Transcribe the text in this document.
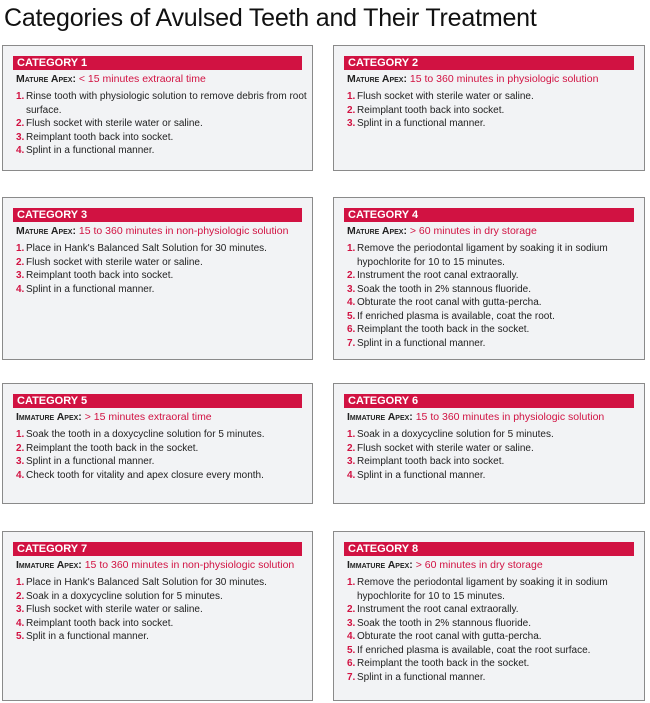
Categories of Avulsed Teeth and Their Treatment
CATEGORY 1
Mature Apex: < 15 minutes extraoral time
1. Rinse tooth with physiologic solution to remove debris from root surface.
2. Flush socket with sterile water or saline.
3. Reimplant tooth back into socket.
4. Splint in a functional manner.
CATEGORY 2
Mature Apex: 15 to 360 minutes in physiologic solution
1. Flush socket with sterile water or saline.
2. Reimplant tooth back into socket.
3. Splint in a functional manner.
CATEGORY 3
Mature Apex: 15 to 360 minutes in non-physiologic solution
1. Place in Hank's Balanced Salt Solution for 30 minutes.
2. Flush socket with sterile water or saline.
3. Reimplant tooth back into socket.
4. Splint in a functional manner.
CATEGORY 4
Mature Apex: > 60 minutes in dry storage
1. Remove the periodontal ligament by soaking it in sodium hypochlorite for 10 to 15 minutes.
2. Instrument the root canal extraorally.
3. Soak the tooth in 2% stannous fluoride.
4. Obturate the root canal with gutta-percha.
5. If enriched plasma is available, coat the root.
6. Reimplant the tooth back in the socket.
7. Splint in a functional manner.
CATEGORY 5
Immature Apex: > 15 minutes extraoral time
1. Soak the tooth in a doxycycline solution for 5 minutes.
2. Reimplant the tooth back in the socket.
3. Splint in a functional manner.
4. Check tooth for vitality and apex closure every month.
CATEGORY 6
Immature Apex: 15 to 360 minutes in physiologic solution
1. Soak in a doxycycline solution for 5 minutes.
2. Flush socket with sterile water or saline.
3. Reimplant tooth back into socket.
4. Splint in a functional manner.
CATEGORY 7
Immature Apex: 15 to 360 minutes in non-physiologic solution
1. Place in Hank's Balanced Salt Solution for 30 minutes.
2. Soak in a doxycycline solution for 5 minutes.
3. Flush socket with sterile water or saline.
4. Reimplant tooth back into socket.
5. Split in a functional manner.
CATEGORY 8
Immature Apex: > 60 minutes in dry storage
1. Remove the periodontal ligament by soaking it in sodium hypochlorite for 10 to 15 minutes.
2. Instrument the root canal extraorally.
3. Soak the tooth in 2% stannous fluoride.
4. Obturate the root canal with gutta-percha.
5. If enriched plasma is available, coat the root surface.
6. Reimplant the tooth back in the socket.
7. Splint in a functional manner.
